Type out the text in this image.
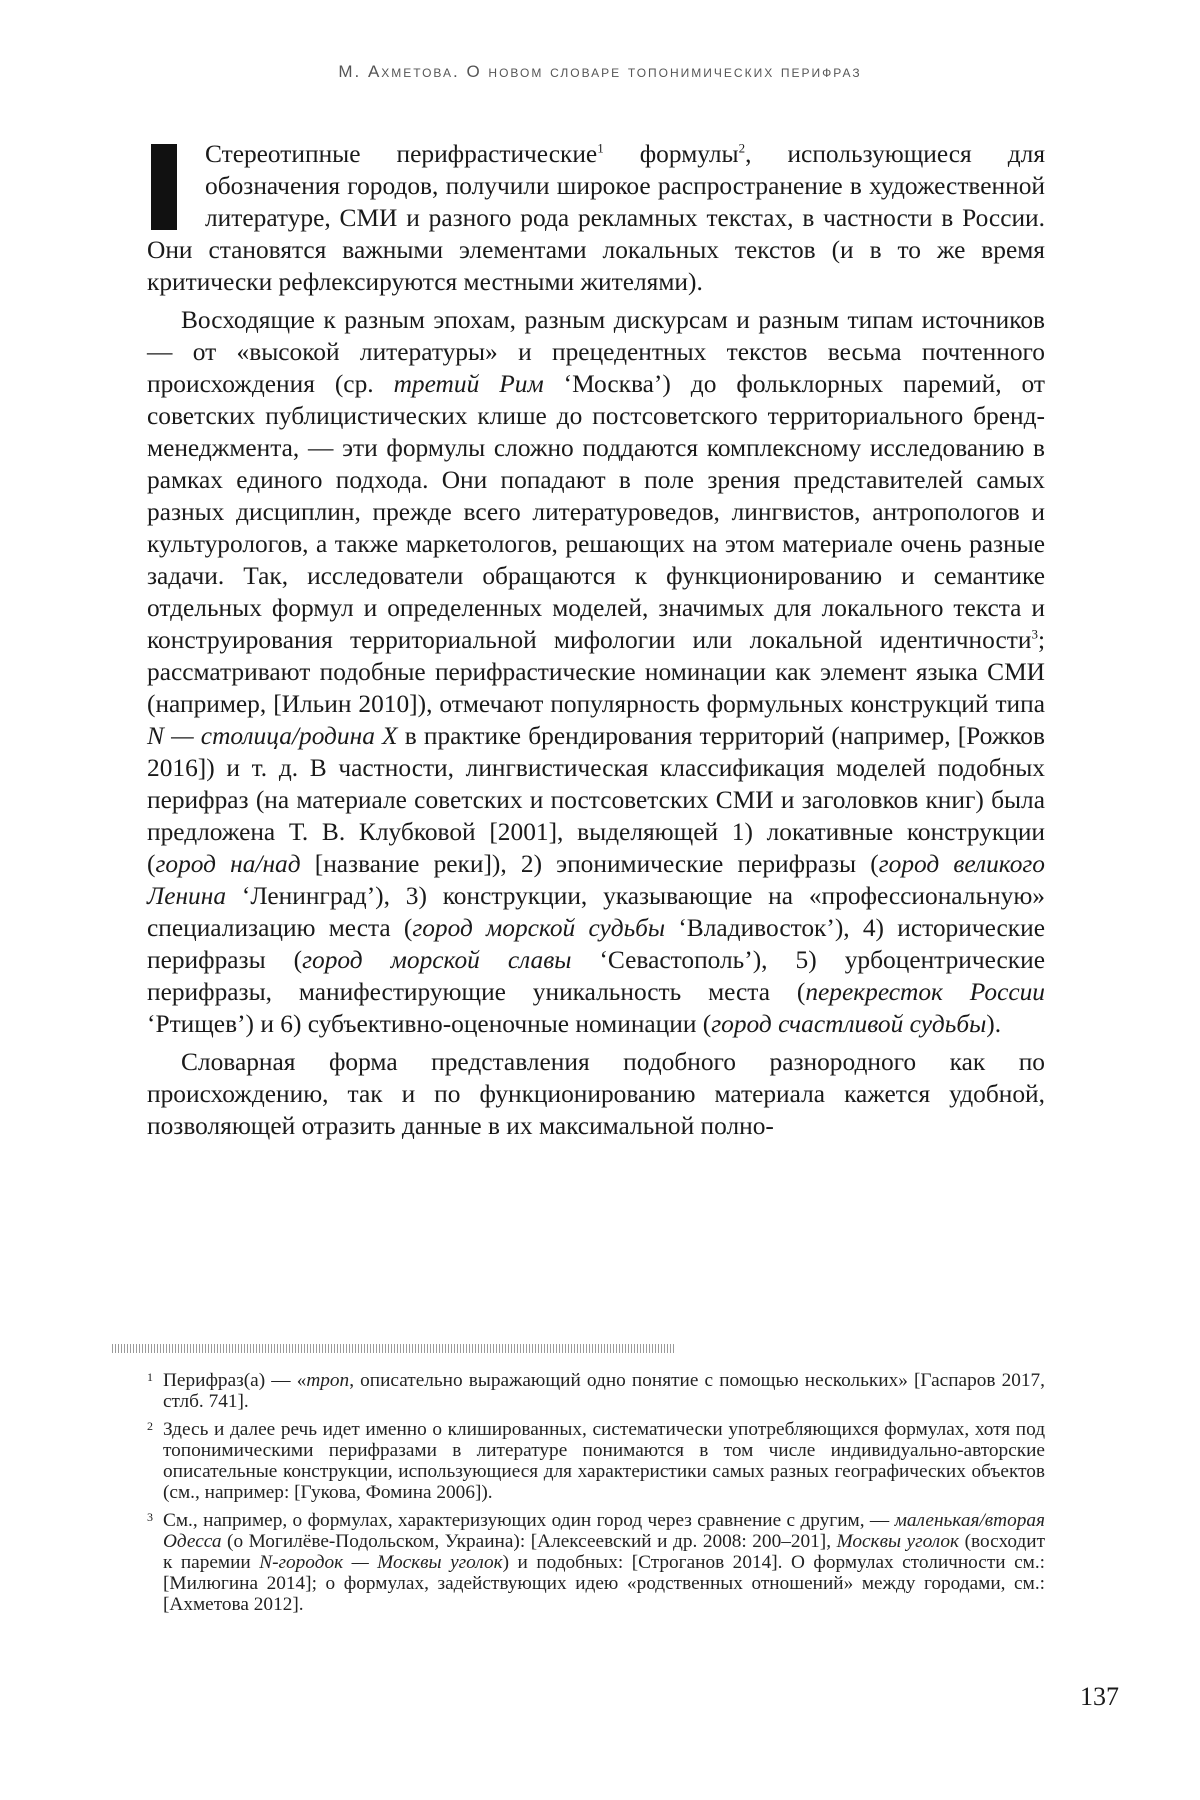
М. Ахметова. О новом словаре топонимических перифраз

Стереотипные перифрастические1 формулы2, использующиеся для обозначения городов, получили широкое распространение в художественной литературе, СМИ и разного рода рекламных текстах, в частности в России. Они становятся важными элементами локальных текстов (и в то же время критически рефлексируются местными жителями).

Восходящие к разным эпохам, разным дискурсам и разным типам источников — от «высокой литературы» и прецедентных текстов весьма почтенного происхождения (ср. третий Рим ‘Москва’) до фольклорных паремий, от советских публицистических клише до постсоветского территориального бренд-менеджмента, — эти формулы сложно поддаются комплексному исследованию в рамках единого подхода. Они попадают в поле зрения представителей самых разных дисциплин, прежде всего литературоведов, лингвистов, антропологов и культурологов, а также маркетологов, решающих на этом материале очень разные задачи. Так, исследователи обращаются к функционированию и семантике отдельных формул и определенных моделей, значимых для локального текста и конструирования территориальной мифологии или локальной идентичности3; рассматривают подобные перифрастические номинации как элемент языка СМИ (например, [Ильин 2010]), отмечают популярность формульных конструкций типа N — столица/родина X в практике брендирования территорий (например, [Рожков 2016]) и т. д. В частности, лингвистическая классификация моделей подобных перифраз (на материале советских и постсоветских СМИ и заголовков книг) была предложена Т. В. Клубковой [2001], выделяющей 1) локативные конструкции (город на/над [название реки]), 2) эпонимические перифразы (город великого Ленина ‘Ленинград’), 3) конструкции, указывающие на «профессиональную» специализацию места (город морской судьбы ‘Владивосток’), 4) исторические перифразы (город морской славы ‘Севастополь’), 5) урбоцентрические перифразы, манифестирующие уникальность места (перекресток России ‘Ртищев’) и 6) субъективно-оценочные номинации (город счастливой судьбы).

Словарная форма представления подобного разнородного как по происхождению, так и по функционированию материала кажется удобной, позволяющей отразить данные в их максимальной полно-

1 Перифраз(а) — «троп, описательно выражающий одно понятие с помощью нескольких» [Гаспаров 2017, стлб. 741].
2 Здесь и далее речь идет именно о клишированных, систематически употребляющихся формулах, хотя под топонимическими перифразами в литературе понимаются в том числе индивидуально-авторские описательные конструкции, использующиеся для характеристики самых разных географических объектов (см., например: [Гукова, Фомина 2006]).
3 См., например, о формулах, характеризующих один город через сравнение с другим, — маленькая/вторая Одесса (о Могилёве-Подольском, Украина): [Алексеевский и др. 2008: 200–201], Москвы уголок (восходит к паремии N-городок — Москвы уголок) и подобных: [Строганов 2014]. О формулах столичности см.: [Милюгина 2014]; о формулах, задействующих идею «родственных отношений» между городами, см.: [Ахметова 2012].
137
